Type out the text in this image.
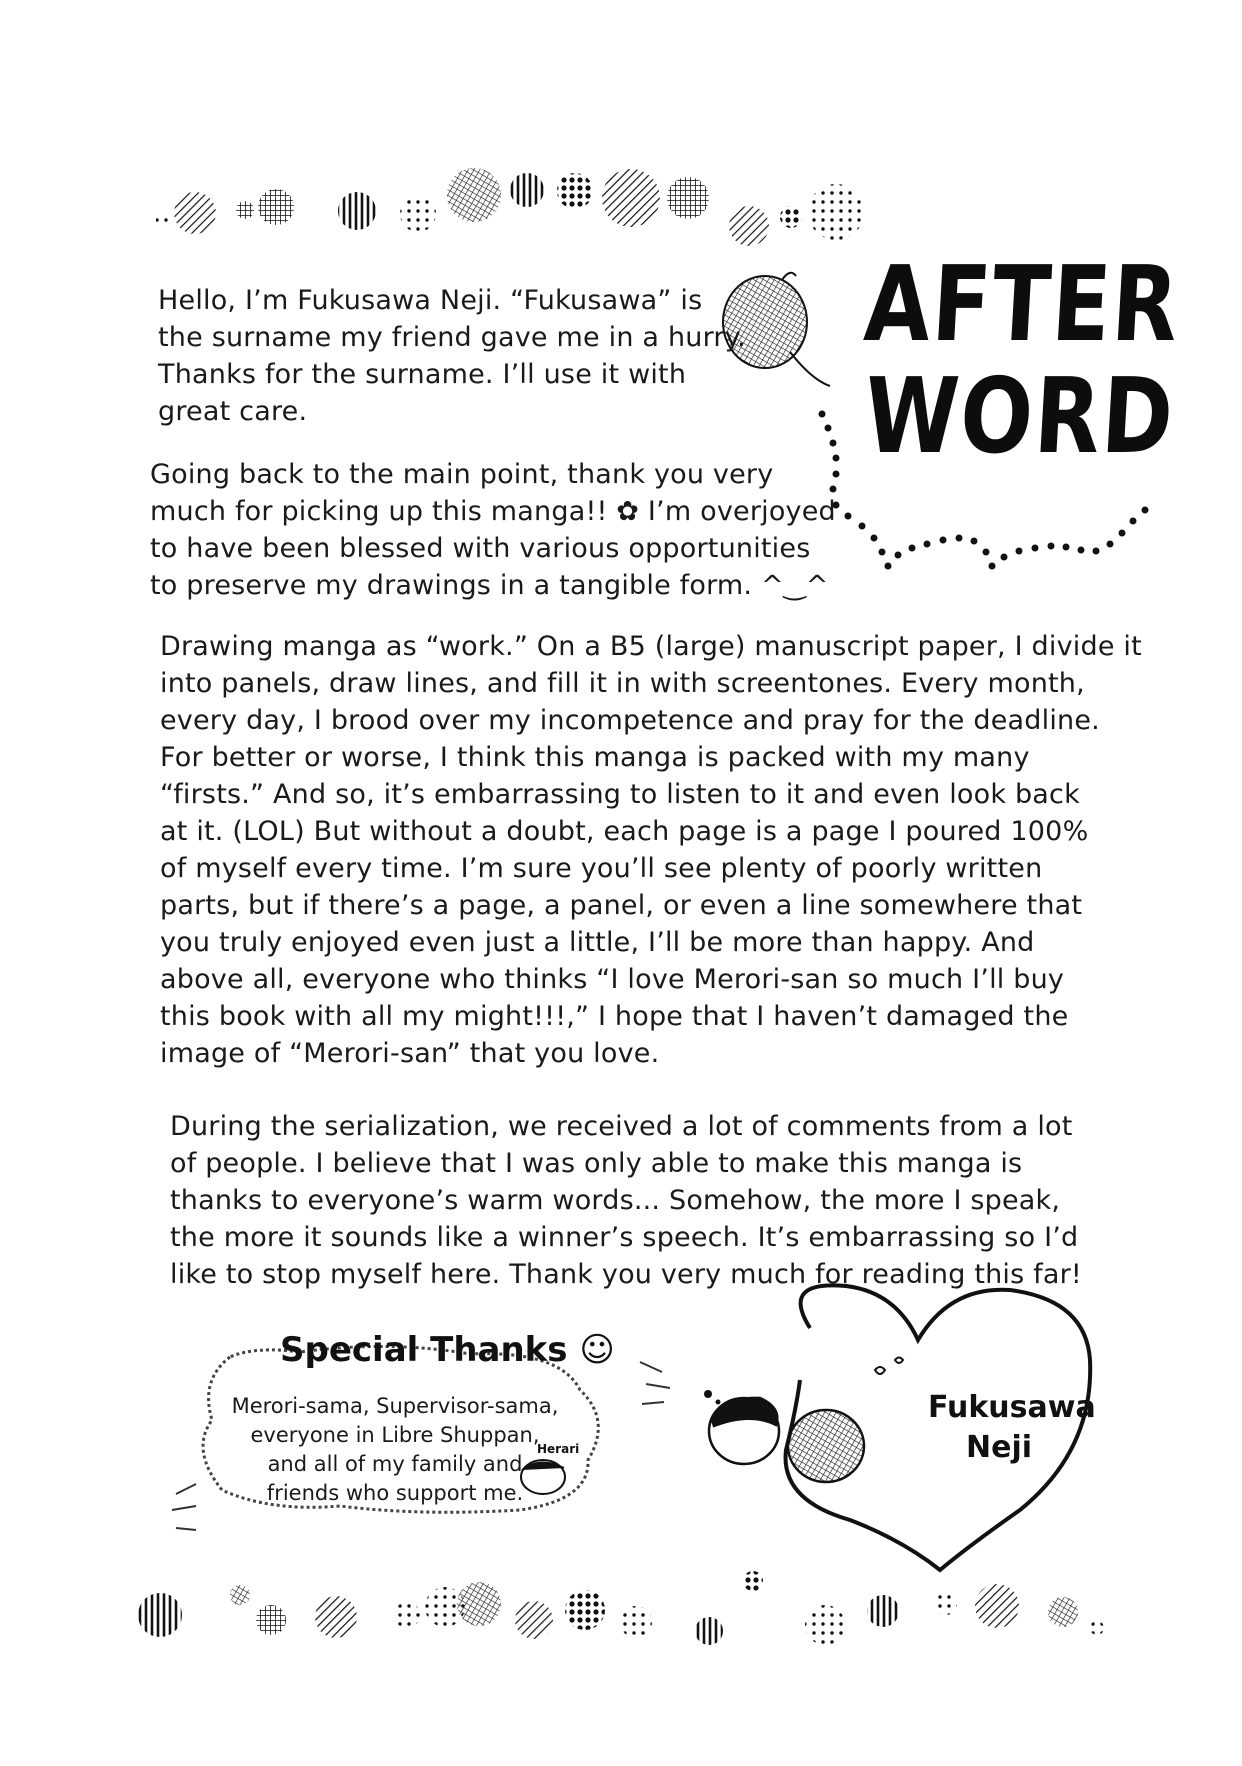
AFTER
WORD
Hello, I’m Fukusawa Neji. “Fukusawa” is
the surname my friend gave me in a hurry.
Thanks for the surname. I’ll use it with
great care.
Going back to the main point, thank you very
much for picking up this manga!! ✿ I’m overjoyed
to have been blessed with various opportunities
to preserve my drawings in a tangible form. ^‿^
Drawing manga as “work.” On a B5 (large) manuscript paper, I divide it
into panels, draw lines, and fill it in with screentones. Every month,
every day, I brood over my incompetence and pray for the deadline.
For better or worse, I think this manga is packed with my many
“firsts.” And so, it’s embarrassing to listen to it and even look back
at it. (LOL) But without a doubt, each page is a page I poured 100%
of myself every time. I’m sure you’ll see plenty of poorly written
parts, but if there’s a page, a panel, or even a line somewhere that
you truly enjoyed even just a little, I’ll be more than happy. And
above all, everyone who thinks “I love Merori-san so much I’ll buy
this book with all my might!!!,” I hope that I haven’t damaged the
image of “Merori-san” that you love.
During the serialization, we received a lot of comments from a lot
of people. I believe that I was only able to make this manga is
thanks to everyone’s warm words... Somehow, the more I speak,
the more it sounds like a winner’s speech. It’s embarrassing so I’d
like to stop myself here. Thank you very much for reading this far!
Special Thanks ☺
Merori-sama, Supervisor-sama,
everyone in Libre Shuppan,
and all of my family and
friends who support me.
Herari
Fukusawa
Neji
